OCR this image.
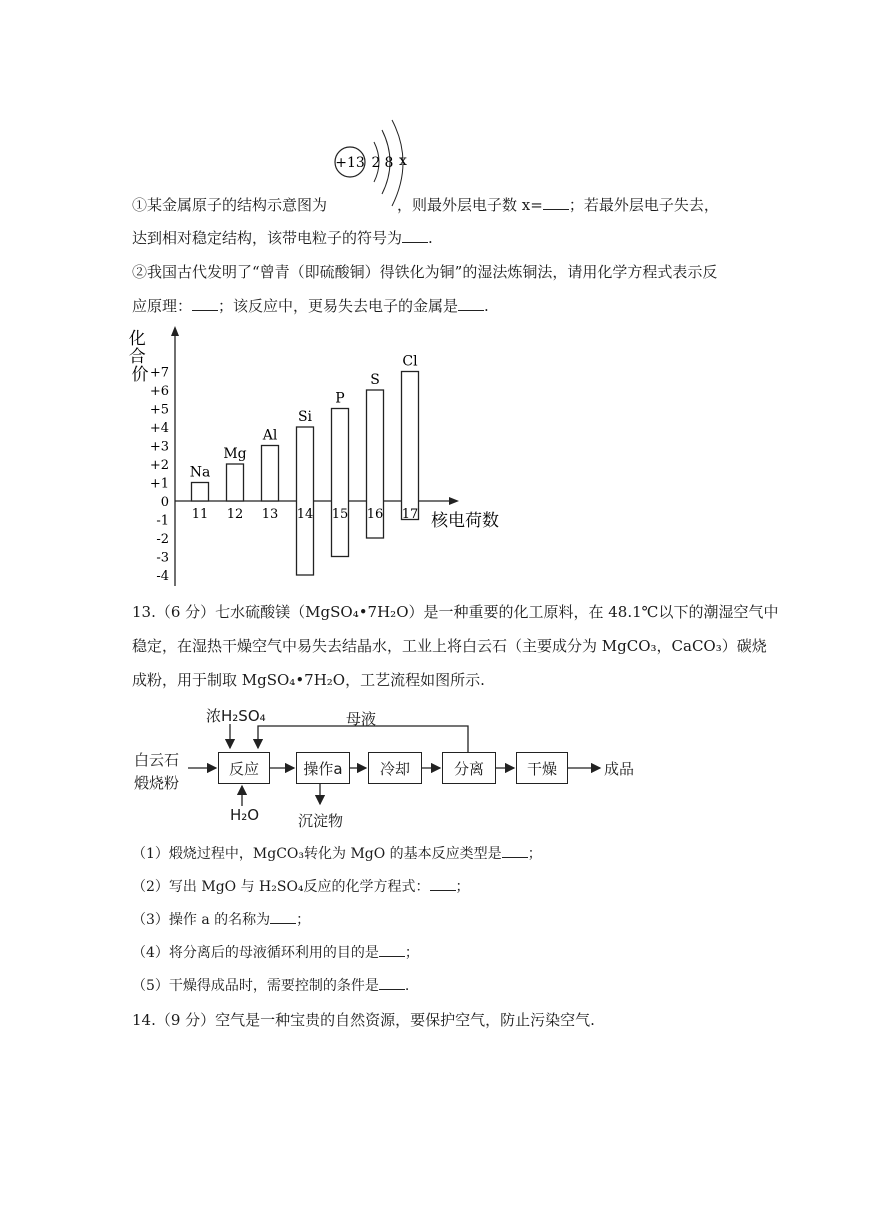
+13 2 8 x
①某金属原子的结构示意图为	，则最外层电子数 x= ；若最外层电子失去，
达到相对稳定结构，该带电粒子的符号为 .
②我国古代发明了“曾青（即硫酸铜）得铁化为铜”的湿法炼铜法，请用化学方程式表示反
应原理： ；该反应中，更易失去电子的金属是 .
化 合 价
核电荷数
+7
+6
+5
+4
+3
+2
+1
0
-1
-2
-3
-4
Na
11
Mg
12
Al
13
Si
14
P
15
S
16
Cl
17
13.（6 分）七水硫酸镁（MgSO₄•7H₂O）是一种重要的化工原料，在 48.1℃以下的潮湿空气中
稳定，在湿热干燥空气中易失去结晶水，工业上将白云石（主要成分为 MgCO₃，CaCO₃）碳烧
成粉，用于制取 MgSO₄•7H₂O，工艺流程如图所示.
白云石
煅烧粉
浓H₂SO₄	母液
H₂O	沉淀物
反应	操作a	冷却	分离	干燥	成品
（1）煅烧过程中，MgCO₃转化为 MgO 的基本反应类型是 ；
（2）写出 MgO 与 H₂SO₄反应的化学方程式： ；
（3）操作 a 的名称为 ；
（4）将分离后的母液循环利用的目的是 ；
（5）干燥得成品时，需要控制的条件是 .
14.（9 分）空气是一种宝贵的自然资源，要保护空气，防止污染空气.
